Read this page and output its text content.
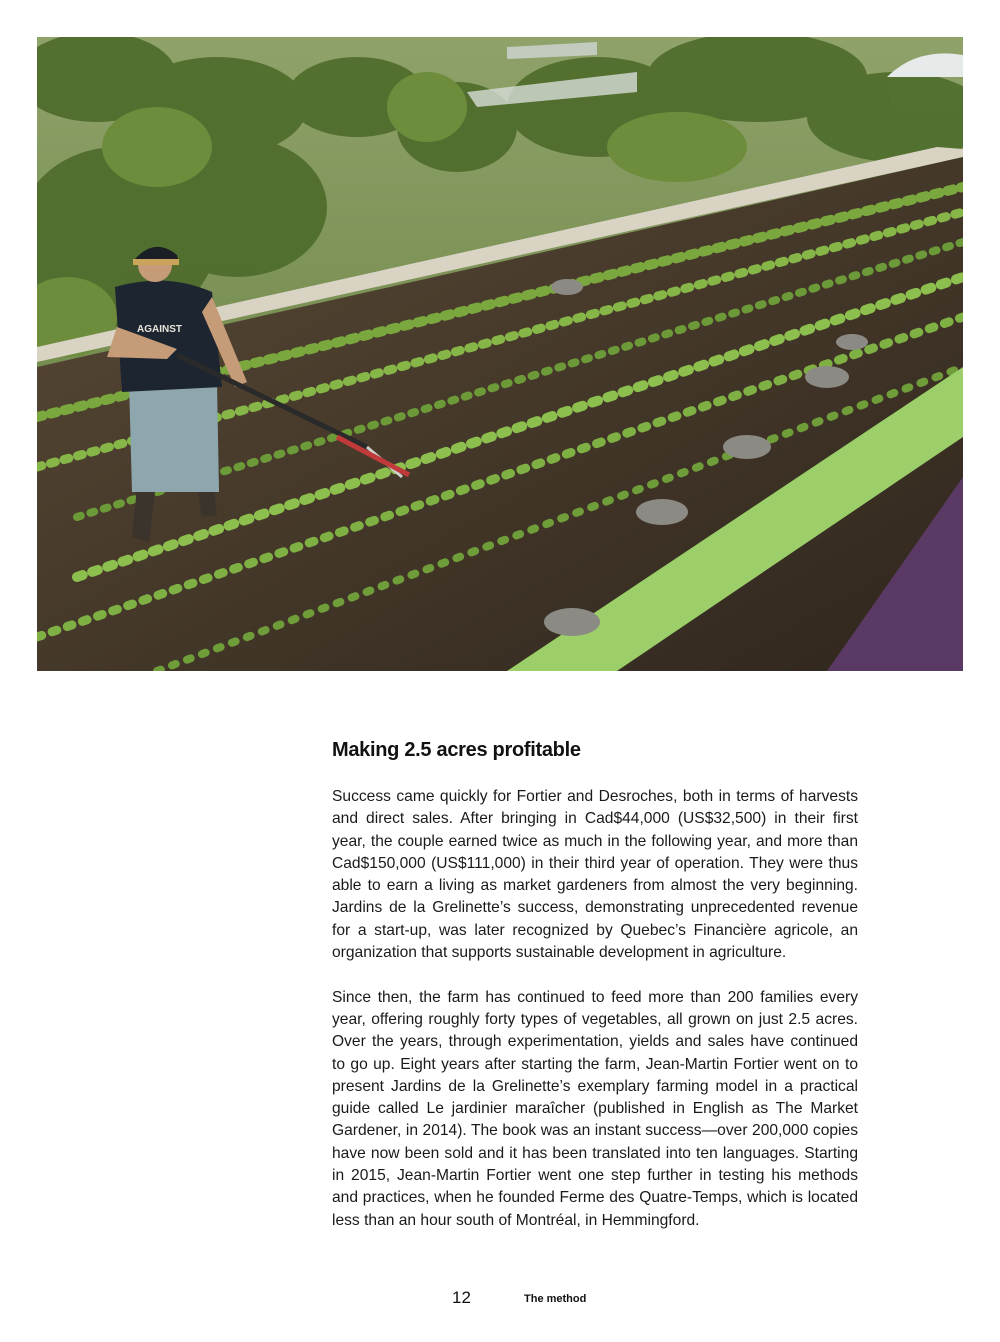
AGAINST
Making 2.5 acres profitable

Success came quickly for Fortier and Desroches, both in terms of harvests and direct sales. After bringing in Cad$44,000 (US$32,500) in their first year, the couple earned twice as much in the following year, and more than Cad$150,000 (US$111,000) in their third year of operation. They were thus able to earn a living as market gardeners from almost the very beginning. Jardins de la Grelinette’s success, demonstrating unprecedented revenue for a start-up, was later recognized by Quebec’s Financière agricole, an organization that supports sustainable development in agriculture.

Since then, the farm has continued to feed more than 200 families every year, offering roughly forty types of vegetables, all grown on just 2.5 acres. Over the years, through experimentation, yields and sales have continued to go up. Eight years after starting the farm, Jean-Martin Fortier went on to present Jardins de la Grelinette’s exemplary farming model in a practical guide called Le jardinier maraîcher (published in English as The Market Gardener, in 2014). The book was an instant success—over 200,000 copies have now been sold and it has been translated into ten languages. Starting in 2015, Jean-Martin Fortier went one step further in testing his methods and practices, when he founded Ferme des Quatre-Temps, which is located less than an hour south of Montréal, in Hemmingford.

12	The method
